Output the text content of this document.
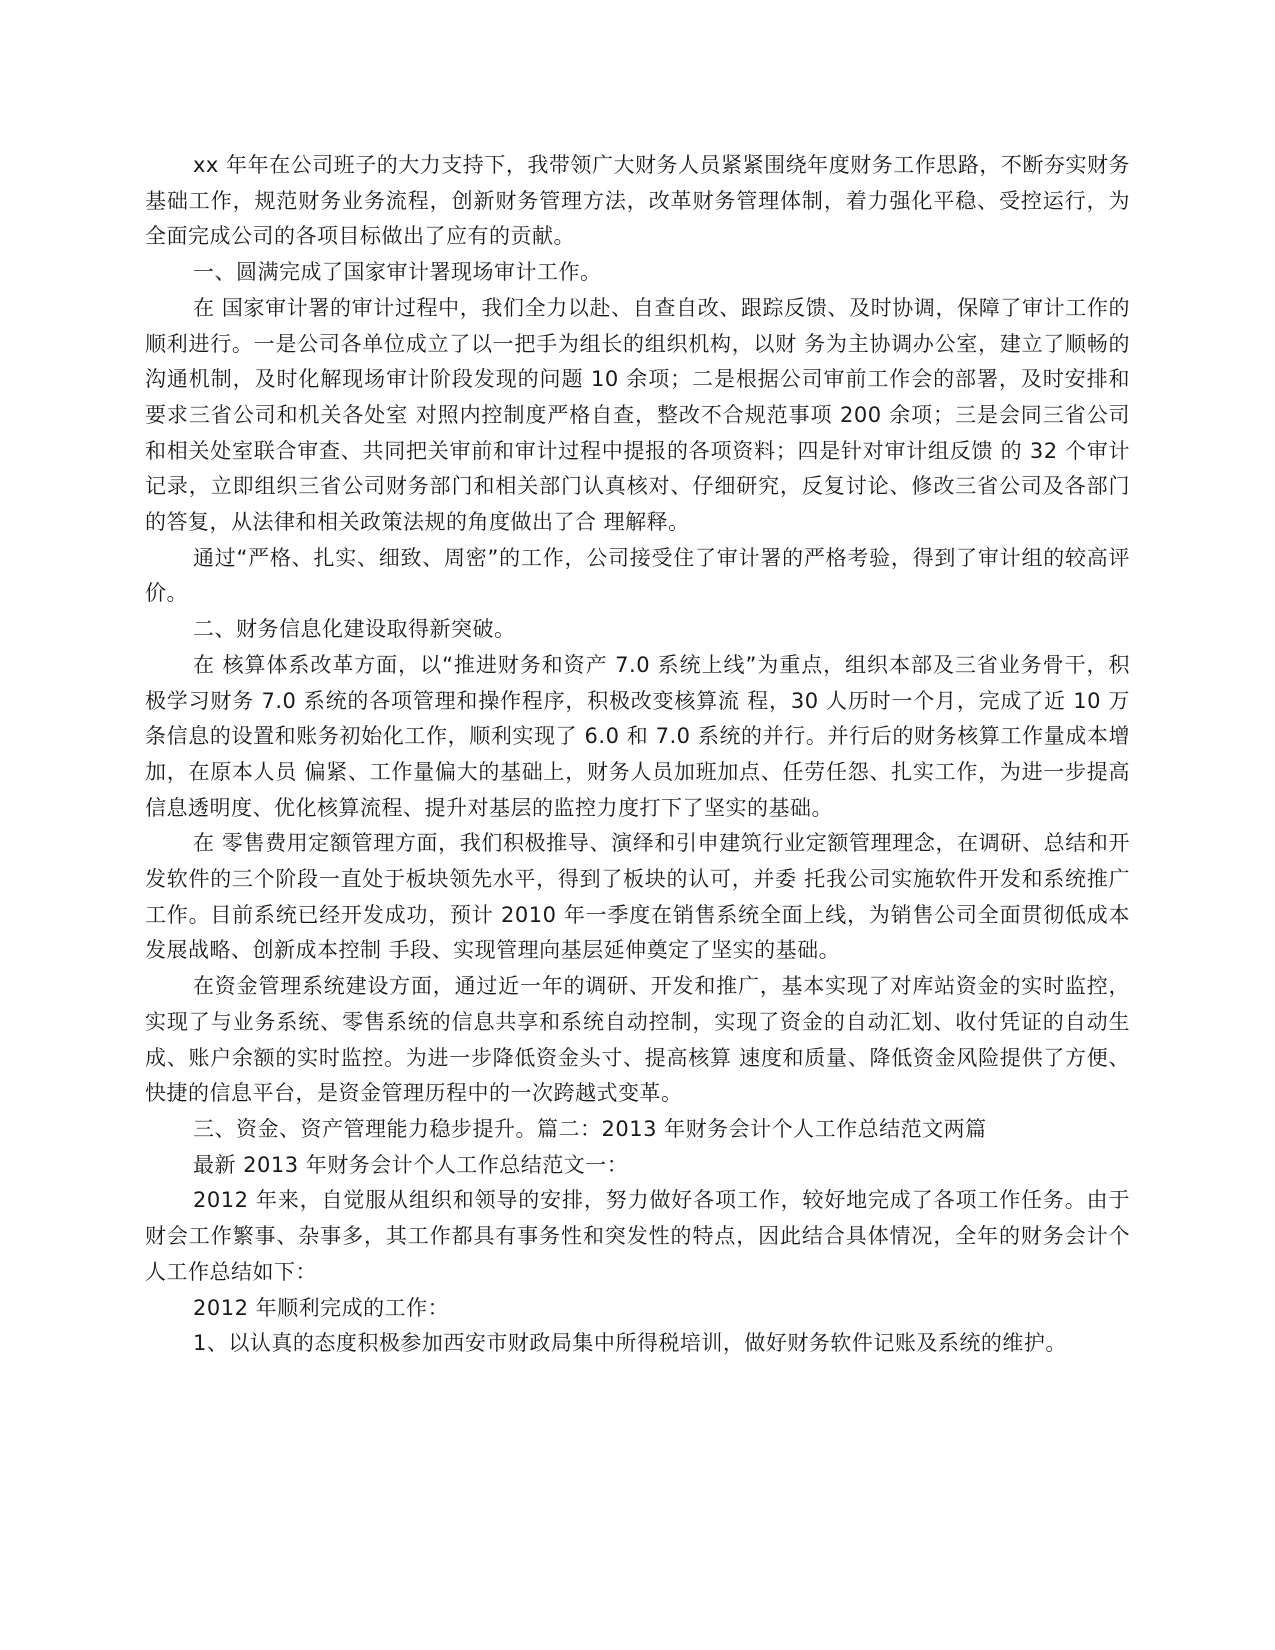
xx 年年在公司班子的大力支持下，我带领广大财务人员紧紧围绕年度财务工作思路，不断夯实财务基础工作，规范财务业务流程，创新财务管理方法，改革财务管理体制，着力强化平稳、受控运行，为全面完成公司的各项目标做出了应有的贡献。

一、圆满完成了国家审计署现场审计工作。

在 国家审计署的审计过程中，我们全力以赴、自查自改、跟踪反馈、及时协调，保障了审计工作的顺利进行。一是公司各单位成立了以一把手为组长的组织机构，以财 务为主协调办公室，建立了顺畅的沟通机制，及时化解现场审计阶段发现的问题 10 余项；二是根据公司审前工作会的部署，及时安排和要求三省公司和机关各处室 对照内控制度严格自查，整改不合规范事项 200 余项；三是会同三省公司和相关处室联合审查、共同把关审前和审计过程中提报的各项资料；四是针对审计组反馈 的 32 个审计记录，立即组织三省公司财务部门和相关部门认真核对、仔细研究，反复讨论、修改三省公司及各部门的答复，从法律和相关政策法规的角度做出了合 理解释。

通过“严格、扎实、细致、周密”的工作，公司接受住了审计署的严格考验，得到了审计组的较高评价。

二、财务信息化建设取得新突破。

在 核算体系改革方面，以“推进财务和资产 7.0 系统上线”为重点，组织本部及三省业务骨干，积极学习财务 7.0 系统的各项管理和操作程序，积极改变核算流 程，30 人历时一个月，完成了近 10 万条信息的设置和账务初始化工作，顺利实现了 6.0 和 7.0 系统的并行。并行后的财务核算工作量成本增加，在原本人员 偏紧、工作量偏大的基础上，财务人员加班加点、任劳任怨、扎实工作，为进一步提高信息透明度、优化核算流程、提升对基层的监控力度打下了坚实的基础。

在 零售费用定额管理方面，我们积极推导、演绎和引申建筑行业定额管理理念，在调研、总结和开发软件的三个阶段一直处于板块领先水平，得到了板块的认可，并委 托我公司实施软件开发和系统推广工作。目前系统已经开发成功，预计 2010 年一季度在销售系统全面上线，为销售公司全面贯彻低成本发展战略、创新成本控制 手段、实现管理向基层延伸奠定了坚实的基础。

在资金管理系统建设方面，通过近一年的调研、开发和推广，基本实现了对库站资金的实时监控， 实现了与业务系统、零售系统的信息共享和系统自动控制，实现了资金的自动汇划、收付凭证的自动生成、账户余额的实时监控。为进一步降低资金头寸、提高核算 速度和质量、降低资金风险提供了方便、快捷的信息平台，是资金管理历程中的一次跨越式变革。

三、资金、资产管理能力稳步提升。篇二：2013 年财务会计个人工作总结范文两篇

最新 2013 年财务会计个人工作总结范文一：

2012 年来，自觉服从组织和领导的安排，努力做好各项工作，较好地完成了各项工作任务。由于财会工作繁事、杂事多，其工作都具有事务性和突发性的特点，因此结合具体情况，全年的财务会计个人工作总结如下：

2012 年顺利完成的工作：

1、以认真的态度积极参加西安市财政局集中所得税培训，做好财务软件记账及系统的维护。
